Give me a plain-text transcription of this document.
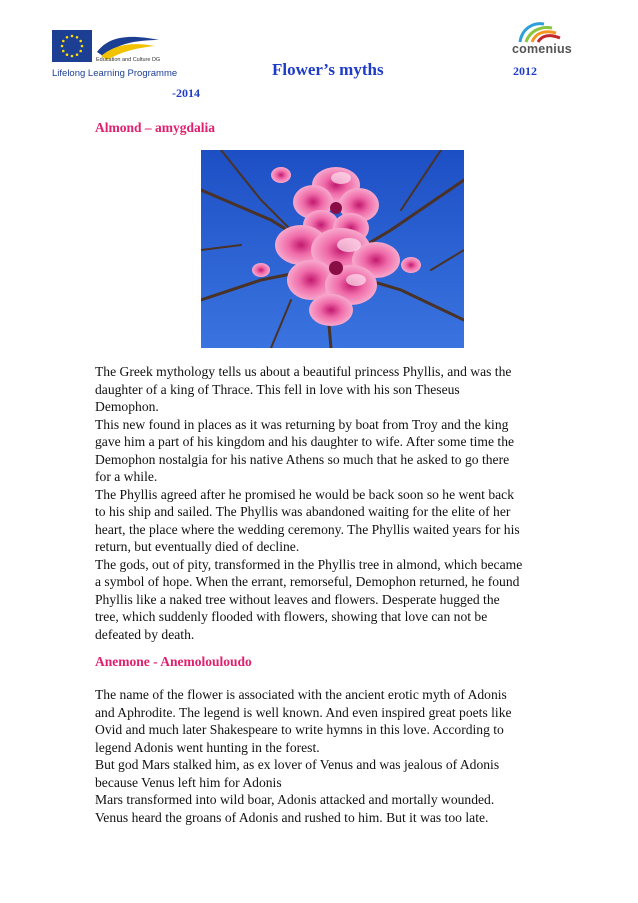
Education and Culture DG
Lifelong Learning Programme	Flower’s myths	2012
-2014
comenius
Almond – amygdalia
The Greek mythology tells us about a beautiful princess Phyllis, and was the
daughter of a king of Thrace. This fell in love with his son Theseus
Demophon.
This new found in places as it was returning by boat from Troy and the king
gave him a part of his kingdom and his daughter to wife. After some time the
Demophon nostalgia for his native Athens so much that he asked to go there
for a while.
The Phyllis agreed after he promised he would be back soon so he went back
to his ship and sailed. The Phyllis was abandoned waiting for the elite of her
heart, the place where the wedding ceremony. The Phyllis waited years for his
return, but eventually died of decline.
The gods, out of pity, transformed in the Phyllis tree in almond, which became
a symbol of hope. When the errant, remorseful, Demophon returned, he found
Phyllis like a naked tree without leaves and flowers. Desperate hugged the
tree, which suddenly flooded with flowers, showing that love can not be
defeated by death.
Anemone - Anemolouloudo
The name of the flower is associated with the ancient erotic myth of Adonis
and Aphrodite. The legend is well known. And even inspired great poets like
Ovid and much later Shakespeare to write hymns in this love. According to
legend Adonis went hunting in the forest.
But god Mars stalked him, as ex lover of Venus and was jealous of Adonis
because Venus left him for Adonis
Mars transformed into wild boar, Adonis attacked and mortally wounded.
Venus heard the groans of Adonis and rushed to him. But it was too late.
